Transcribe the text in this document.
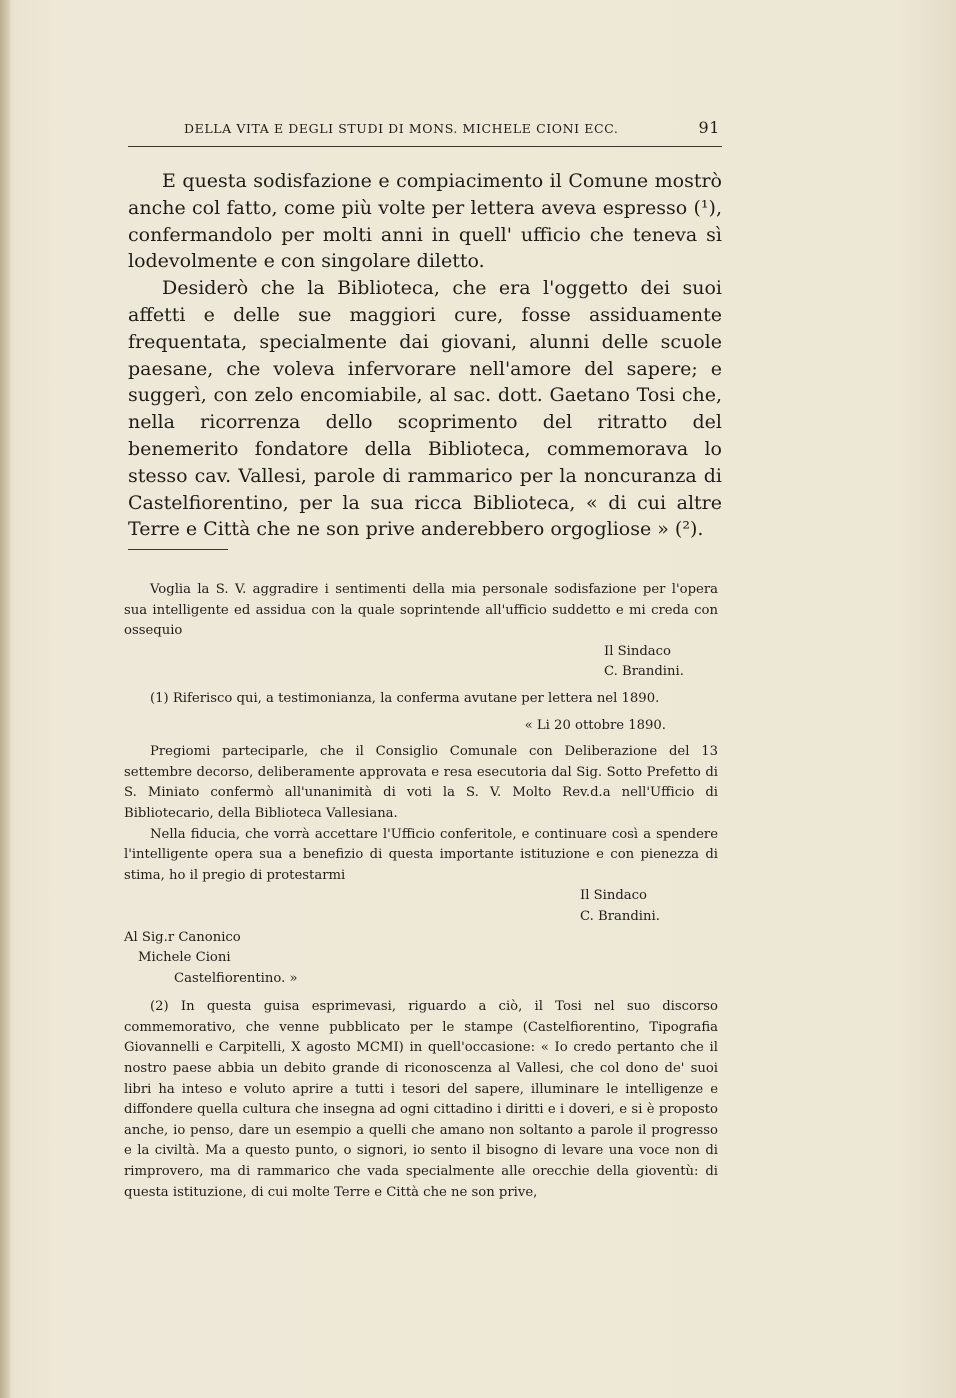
DELLA VITA E DEGLI STUDI DI MONS. MICHELE CIONI ECC.	91

E questa sodisfazione e compiacimento il Comune mostrò anche col fatto, come più volte per lettera aveva espresso (¹), confermandolo per molti anni in quell' ufficio che teneva sì lodevolmente e con singolare diletto.

Desiderò che la Biblioteca, che era l'oggetto dei suoi affetti e delle sue maggiori cure, fosse assiduamente frequentata, specialmente dai giovani, alunni delle scuole paesane, che voleva infervorare nell'amore del sapere; e suggerì, con zelo encomiabile, al sac. dott. Gaetano Tosi che, nella ricorrenza dello scoprimento del ritratto del benemerito fondatore della Biblioteca, commemorava lo stesso cav. Vallesi, parole di rammarico per la noncuranza di Castelfiorentino, per la sua ricca Biblioteca, « di cui altre Terre e Città che ne son prive anderebbero orgogliose » (²).

Voglia la S. V. aggradire i sentimenti della mia personale sodisfazione per l'opera sua intelligente ed assidua con la quale soprintende all'ufficio suddetto e mi creda con ossequio

Il Sindaco

C. Brandini.

(1) Riferisco qui, a testimonianza, la conferma avutane per lettera nel 1890.

« Li 20 ottobre 1890.

Pregiomi parteciparle, che il Consiglio Comunale con Deliberazione del 13 settembre decorso, deliberamente approvata e resa esecutoria dal Sig. Sotto Prefetto di S. Miniato confermò all'unanimità di voti la S. V. Molto Rev.d.a nell'Ufficio di Bibliotecario, della Biblioteca Vallesiana.

Nella fiducia, che vorrà accettare l'Ufficio conferitole, e continuare così a spendere l'intelligente opera sua a benefizio di questa importante istituzione e con pienezza di stima, ho il pregio di protestarmi

Il Sindaco

C. Brandini.

Al Sig.r Canonico

Michele Cioni

Castelfiorentino. »

(2) In questa guisa esprimevasi, riguardo a ciò, il Tosi nel suo discorso commemorativo, che venne pubblicato per le stampe (Castelfiorentino, Tipografia Giovannelli e Carpitelli, X agosto MCMI) in quell'occasione: « Io credo pertanto che il nostro paese abbia un debito grande di riconoscenza al Vallesi, che col dono de' suoi libri ha inteso e voluto aprire a tutti i tesori del sapere, illuminare le intelligenze e diffondere quella cultura che insegna ad ogni cittadino i diritti e i doveri, e si è proposto anche, io penso, dare un esempio a quelli che amano non soltanto a parole il progresso e la civiltà. Ma a questo punto, o signori, io sento il bisogno di levare una voce non di rimprovero, ma di rammarico che vada specialmente alle orecchie della gioventù: di questa istituzione, di cui molte Terre e Città che ne son prive,
